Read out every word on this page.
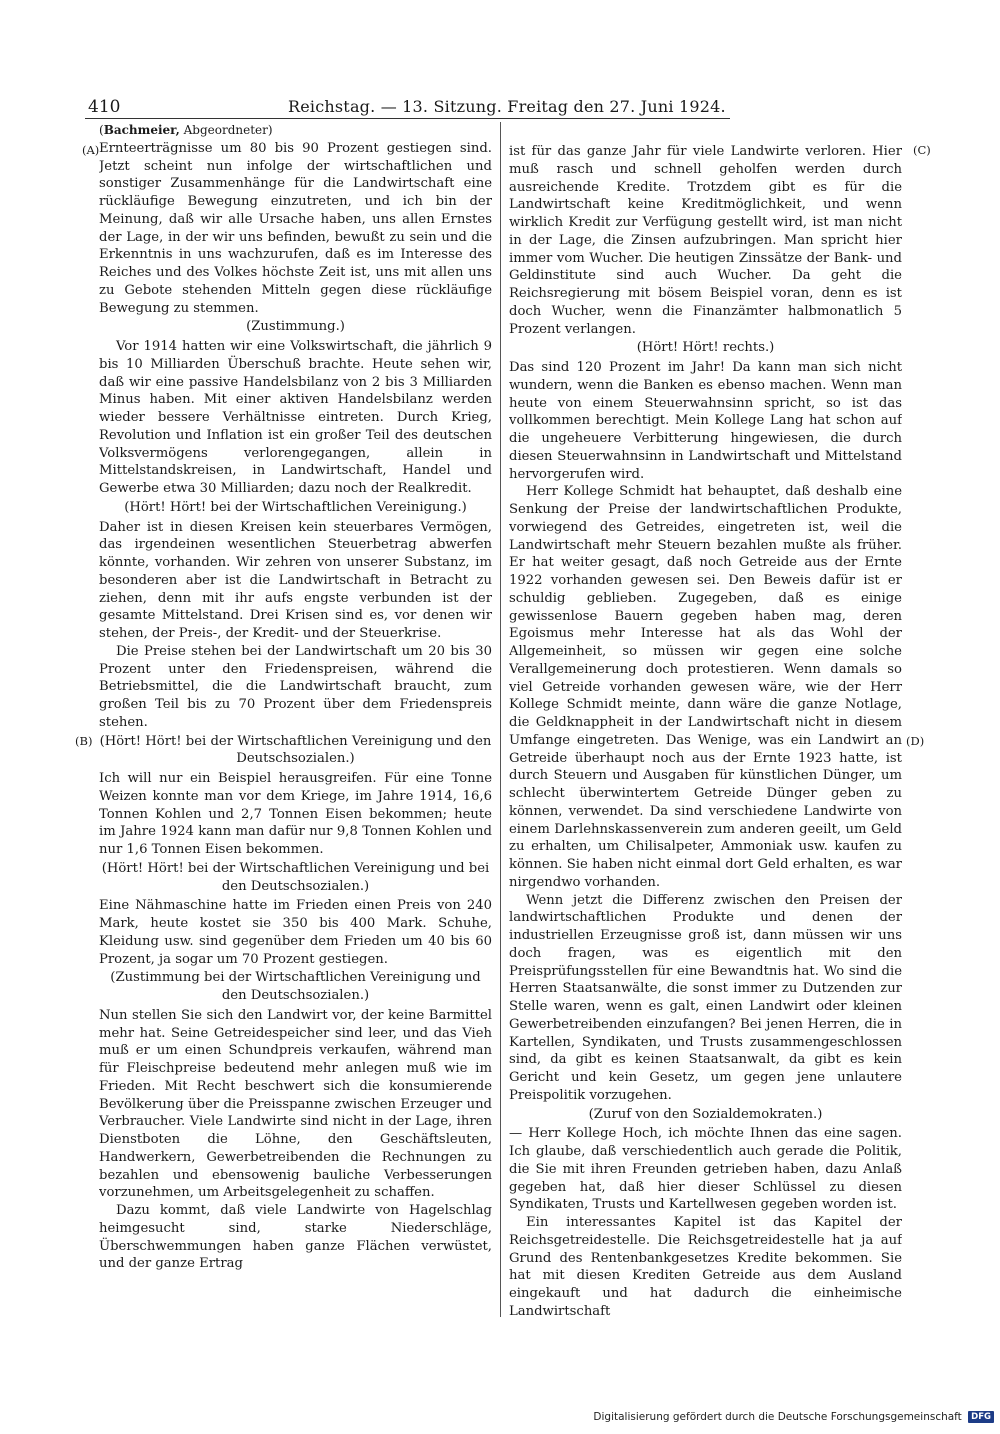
410	Reichstag. — 13. Sitzung. Freitag den 27. Juni 1924.
(A)
(B)
(C)
(D)

(Bachmeier, Abgeordneter)

Ernteerträgnisse um 80 bis 90 Prozent gestiegen sind. Jetzt scheint nun infolge der wirtschaftlichen und sonstiger Zusammenhänge für die Landwirtschaft eine rückläufige Bewegung einzutreten, und ich bin der Meinung, daß wir alle Ursache haben, uns allen Ernstes der Lage, in der wir uns befinden, bewußt zu sein und die Erkenntnis in uns wachzurufen, daß es im Interesse des Reiches und des Volkes höchste Zeit ist, uns mit allen uns zu Gebote stehenden Mitteln gegen diese rückläufige Bewegung zu stemmen.

(Zustimmung.)

Vor 1914 hatten wir eine Volkswirtschaft, die jährlich 9 bis 10 Milliarden Überschuß brachte. Heute sehen wir, daß wir eine passive Handelsbilanz von 2 bis 3 Milliarden Minus haben. Mit einer aktiven Handelsbilanz werden wieder bessere Verhältnisse eintreten. Durch Krieg, Revolution und Inflation ist ein großer Teil des deutschen Volksvermögens verlorengegangen, allein in Mittelstandskreisen, in Landwirtschaft, Handel und Gewerbe etwa 30 Milliarden; dazu noch der Realkredit.

(Hört! Hört! bei der Wirtschaftlichen Vereinigung.)

Daher ist in diesen Kreisen kein steuerbares Vermögen, das irgendeinen wesentlichen Steuerbetrag abwerfen könnte, vorhanden. Wir zehren von unserer Substanz, im besonderen aber ist die Landwirtschaft in Betracht zu ziehen, denn mit ihr aufs engste verbunden ist der gesamte Mittelstand. Drei Krisen sind es, vor denen wir stehen, der Preis-, der Kredit- und der Steuerkrise.

Die Preise stehen bei der Landwirtschaft um 20 bis 30 Prozent unter den Friedenspreisen, während die Betriebsmittel, die die Landwirtschaft braucht, zum großen Teil bis zu 70 Prozent über dem Friedenspreis stehen.

(Hört! Hört! bei der Wirtschaftlichen Vereinigung und den Deutschsozialen.)

Ich will nur ein Beispiel herausgreifen. Für eine Tonne Weizen konnte man vor dem Kriege, im Jahre 1914, 16,6 Tonnen Kohlen und 2,7 Tonnen Eisen bekommen; heute im Jahre 1924 kann man dafür nur 9,8 Tonnen Kohlen und nur 1,6 Tonnen Eisen bekommen.

(Hört! Hört! bei der Wirtschaftlichen Vereinigung und bei den Deutschsozialen.)

Eine Nähmaschine hatte im Frieden einen Preis von 240 Mark, heute kostet sie 350 bis 400 Mark. Schuhe, Kleidung usw. sind gegenüber dem Frieden um 40 bis 60 Prozent, ja sogar um 70 Prozent gestiegen.

(Zustimmung bei der Wirtschaftlichen Vereinigung und den Deutschsozialen.)

Nun stellen Sie sich den Landwirt vor, der keine Barmittel mehr hat. Seine Getreidespeicher sind leer, und das Vieh muß er um einen Schundpreis verkaufen, während man für Fleischpreise bedeutend mehr anlegen muß wie im Frieden. Mit Recht beschwert sich die konsumierende Bevölkerung über die Preisspanne zwischen Erzeuger und Verbraucher. Viele Landwirte sind nicht in der Lage, ihren Dienstboten die Löhne, den Geschäftsleuten, Handwerkern, Gewerbetreibenden die Rechnungen zu bezahlen und ebensowenig bauliche Verbesserungen vorzunehmen, um Arbeitsgelegenheit zu schaffen.

Dazu kommt, daß viele Landwirte von Hagelschlag heimgesucht sind, starke Niederschläge, Überschwemmungen haben ganze Flächen verwüstet, und der ganze Ertrag

ist für das ganze Jahr für viele Landwirte verloren. Hier muß rasch und schnell geholfen werden durch ausreichende Kredite. Trotzdem gibt es für die Landwirtschaft keine Kreditmöglichkeit, und wenn wirklich Kredit zur Verfügung gestellt wird, ist man nicht in der Lage, die Zinsen aufzubringen. Man spricht hier immer vom Wucher. Die heutigen Zinssätze der Bank- und Geldinstitute sind auch Wucher. Da geht die Reichsregierung mit bösem Beispiel voran, denn es ist doch Wucher, wenn die Finanzämter halbmonatlich 5 Prozent verlangen.

(Hört! Hört! rechts.)

Das sind 120 Prozent im Jahr! Da kann man sich nicht wundern, wenn die Banken es ebenso machen. Wenn man heute von einem Steuerwahnsinn spricht, so ist das vollkommen berechtigt. Mein Kollege Lang hat schon auf die ungeheuere Verbitterung hingewiesen, die durch diesen Steuerwahnsinn in Landwirtschaft und Mittelstand hervorgerufen wird.

Herr Kollege Schmidt hat behauptet, daß deshalb eine Senkung der Preise der landwirtschaftlichen Produkte, vorwiegend des Getreides, eingetreten ist, weil die Landwirtschaft mehr Steuern bezahlen mußte als früher. Er hat weiter gesagt, daß noch Getreide aus der Ernte 1922 vorhanden gewesen sei. Den Beweis dafür ist er schuldig geblieben. Zugegeben, daß es einige gewissenlose Bauern gegeben haben mag, deren Egoismus mehr Interesse hat als das Wohl der Allgemeinheit, so müssen wir gegen eine solche Verallgemeinerung doch protestieren. Wenn damals so viel Getreide vorhanden gewesen wäre, wie der Herr Kollege Schmidt meinte, dann wäre die ganze Notlage, die Geldknappheit in der Landwirtschaft nicht in diesem Umfange eingetreten. Das Wenige, was ein Landwirt an Getreide überhaupt noch aus der Ernte 1923 hatte, ist durch Steuern und Ausgaben für künstlichen Dünger, um schlecht überwintertem Getreide Dünger geben zu können, verwendet. Da sind verschiedene Landwirte von einem Darlehnskassenverein zum anderen geeilt, um Geld zu erhalten, um Chilisalpeter, Ammoniak usw. kaufen zu können. Sie haben nicht einmal dort Geld erhalten, es war nirgendwo vorhanden.

Wenn jetzt die Differenz zwischen den Preisen der landwirtschaftlichen Produkte und denen der industriellen Erzeugnisse groß ist, dann müssen wir uns doch fragen, was es eigentlich mit den Preisprüfungsstellen für eine Bewandtnis hat. Wo sind die Herren Staatsanwälte, die sonst immer zu Dutzenden zur Stelle waren, wenn es galt, einen Landwirt oder kleinen Gewerbetreibenden einzufangen? Bei jenen Herren, die in Kartellen, Syndikaten, und Trusts zusammengeschlossen sind, da gibt es keinen Staatsanwalt, da gibt es kein Gericht und kein Gesetz, um gegen jene unlautere Preispolitik vorzugehen.

(Zuruf von den Sozialdemokraten.)

— Herr Kollege Hoch, ich möchte Ihnen das eine sagen. Ich glaube, daß verschiedentlich auch gerade die Politik, die Sie mit ihren Freunden getrieben haben, dazu Anlaß gegeben hat, daß hier dieser Schlüssel zu diesen Syndikaten, Trusts und Kartellwesen gegeben worden ist.

Ein interessantes Kapitel ist das Kapitel der Reichsgetreidestelle. Die Reichsgetreidestelle hat ja auf Grund des Rentenbankgesetzes Kredite bekommen. Sie hat mit diesen Krediten Getreide aus dem Ausland eingekauft und hat dadurch die einheimische Landwirtschaft

Digitalisierung gefördert durch die Deutsche Forschungsgemeinschaft DFG
